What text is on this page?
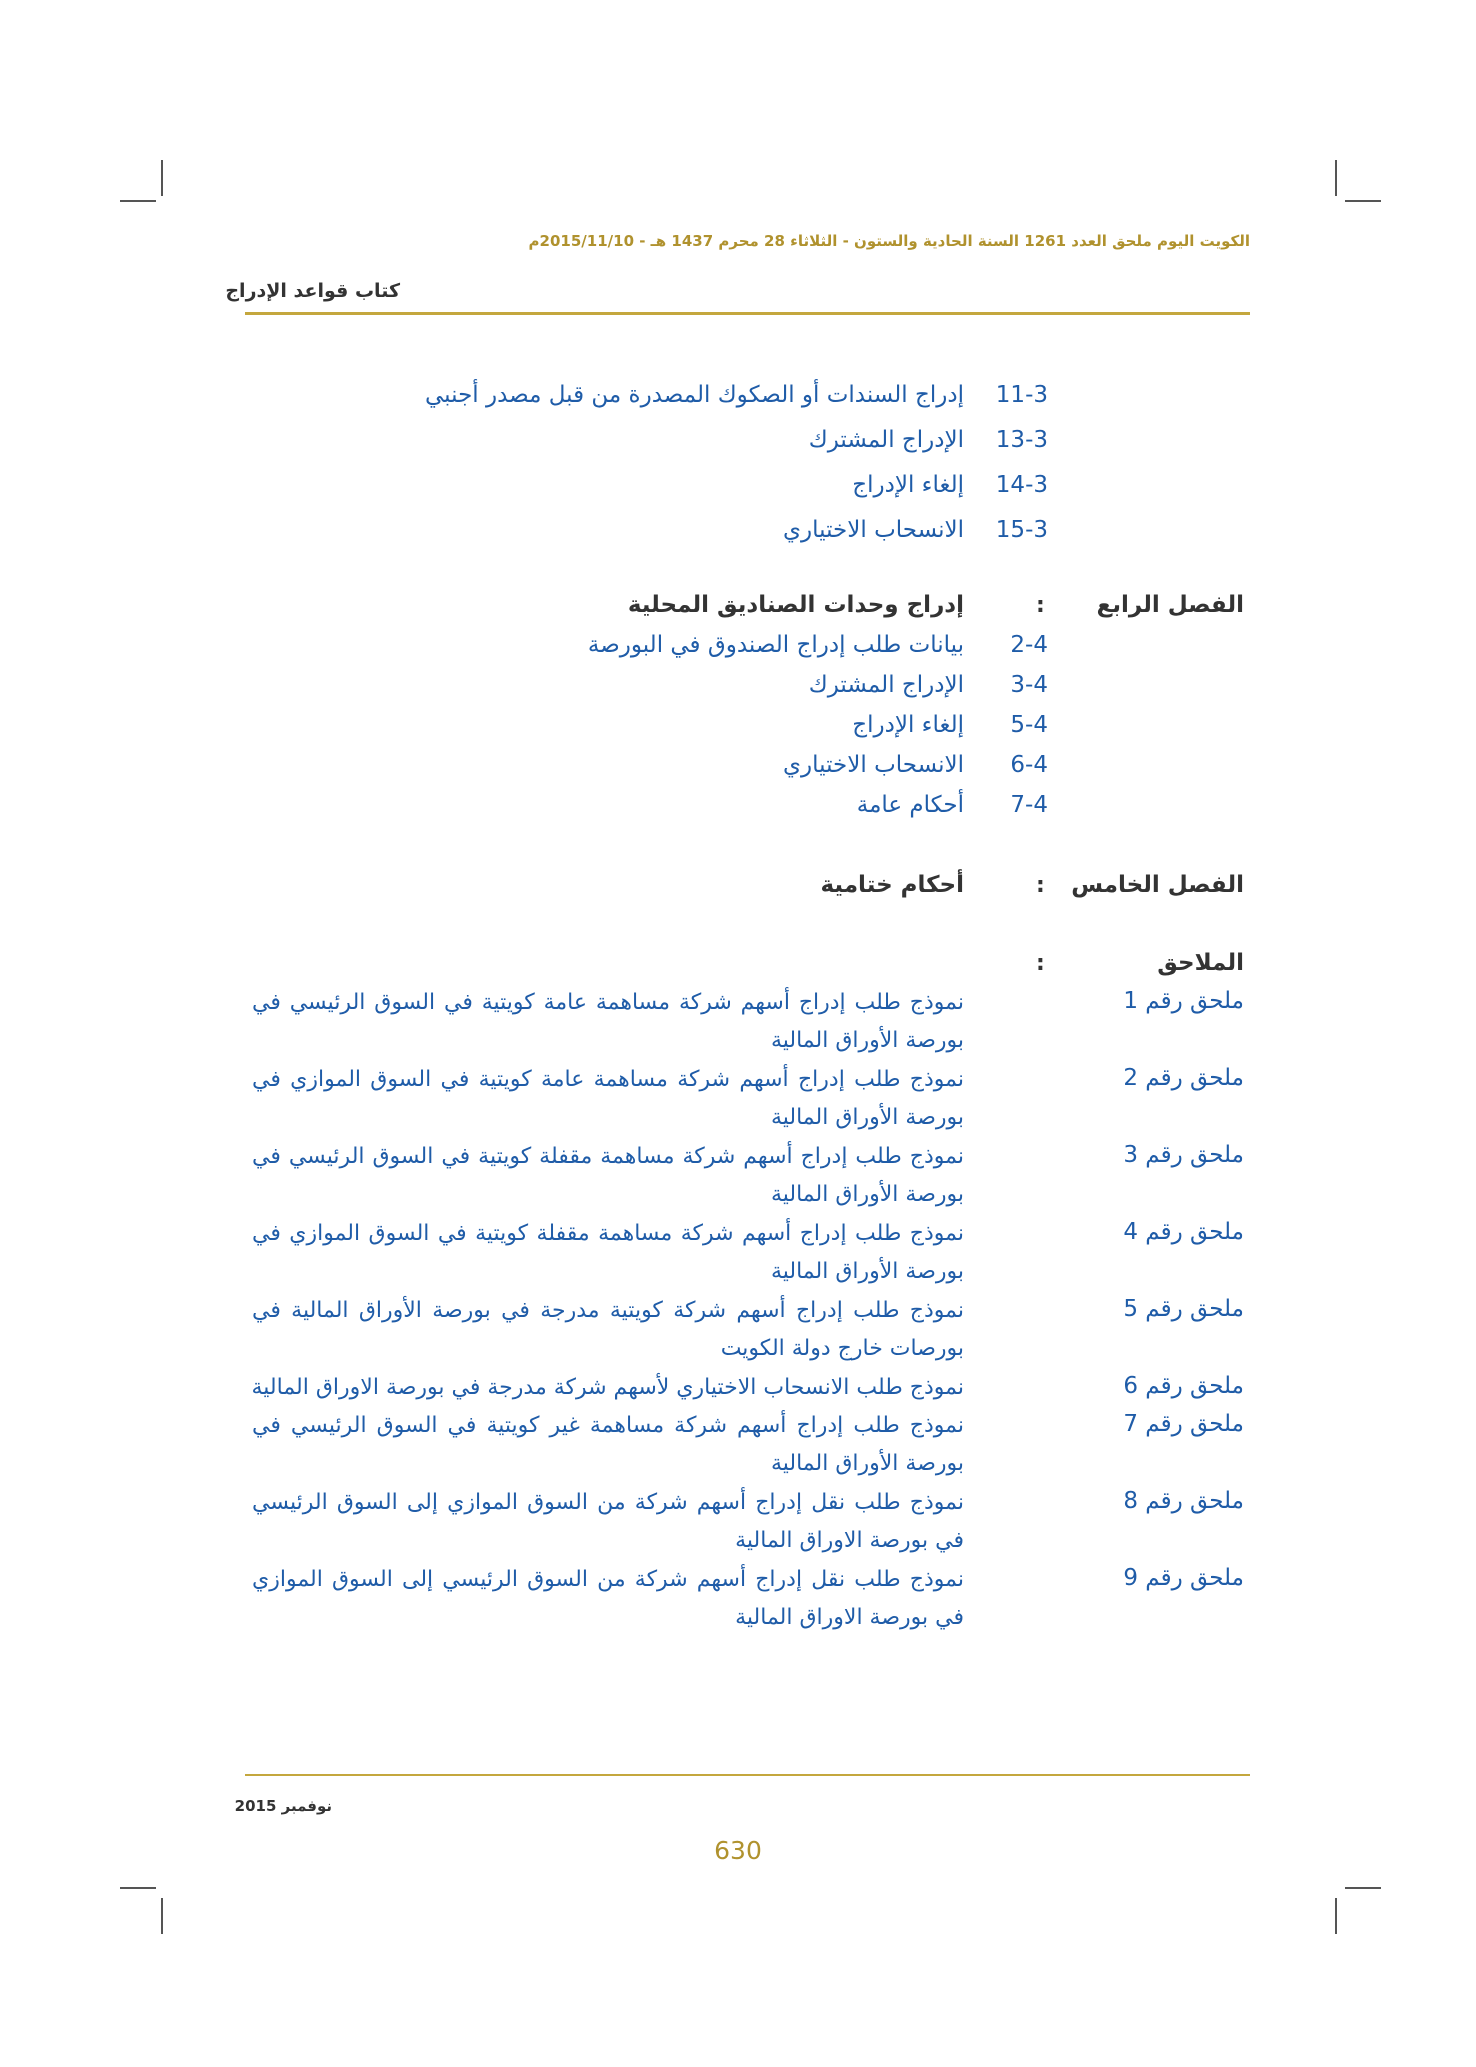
الكويت اليوم ملحق العدد 1261 السنة الحادية والستون - الثلاثاء 28 محرم 1437 هـ - 2015/11/10م
كتاب قواعد الإدراج
11-3
إدراج السندات أو الصكوك المصدرة من قبل مصدر أجنبي
13-3
الإدراج المشترك
14-3
إلغاء الإدراج
15-3
الانسحاب الاختياري
الفصل الرابع
:
إدراج وحدات الصناديق المحلية
2-4
بيانات طلب إدراج الصندوق في البورصة
3-4
الإدراج المشترك
5-4
إلغاء الإدراج
6-4
الانسحاب الاختياري
7-4
أحكام عامة
الفصل الخامس
:
أحكام ختامية
الملاحق
:
ملحق رقم 1
نموذج طلب إدراج أسهم شركة مساهمة عامة كويتية في السوق الرئيسي في بورصة الأوراق المالية
ملحق رقم 2
نموذج طلب إدراج أسهم شركة مساهمة عامة كويتية في السوق الموازي في بورصة الأوراق المالية
ملحق رقم 3
نموذج طلب إدراج أسهم شركة مساهمة مقفلة كويتية في السوق الرئيسي في بورصة الأوراق المالية
ملحق رقم 4
نموذج طلب إدراج أسهم شركة مساهمة مقفلة كويتية في السوق الموازي في بورصة الأوراق المالية
ملحق رقم 5
نموذج طلب إدراج أسهم شركة كويتية مدرجة في بورصة الأوراق المالية في بورصات خارج دولة الكويت
ملحق رقم 6
نموذج طلب الانسحاب الاختياري لأسهم شركة مدرجة في بورصة الاوراق المالية
ملحق رقم 7
نموذج طلب إدراج أسهم شركة مساهمة غير كويتية في السوق الرئيسي في بورصة الأوراق المالية
ملحق رقم 8
نموذج طلب نقل إدراج أسهم شركة من السوق الموازي إلى السوق الرئيسي في بورصة الاوراق المالية
ملحق رقم 9
نموذج طلب نقل إدراج أسهم شركة من السوق الرئيسي إلى السوق الموازي في بورصة الاوراق المالية
نوفمبر 2015
630
